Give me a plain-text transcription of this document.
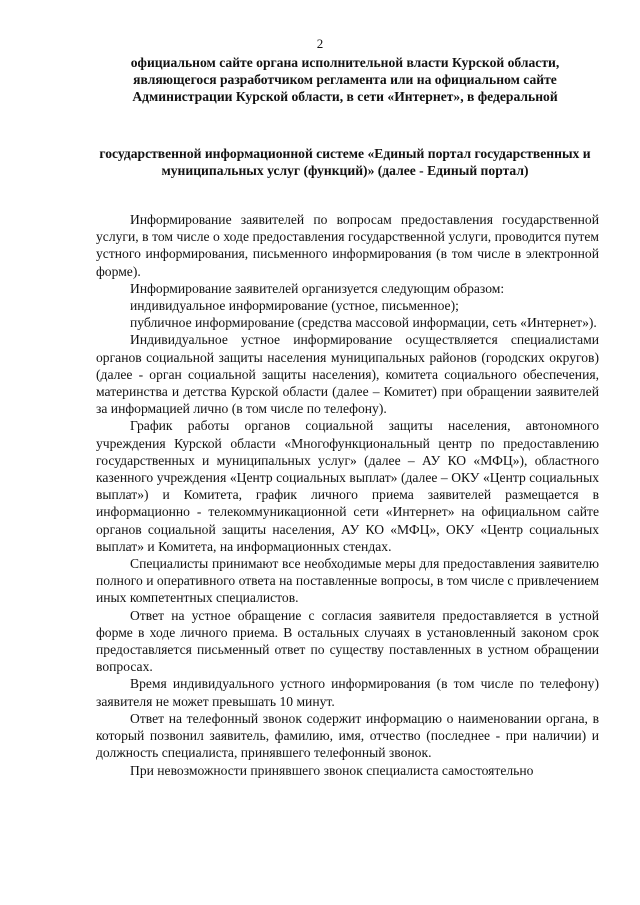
2
официальном сайте органа исполнительной власти Курской области, являющегося разработчиком регламента или на официальном сайте Администрации Курской области, в сети «Интернет», в федеральной
государственной информационной системе «Единый портал государственных и муниципальных услуг (функций)» (далее - Единый портал)

Информирование заявителей по вопросам предоставления государственной услуги, в том числе о ходе предоставления государственной услуги, проводится путем устного информирования, письменного информирования (в том числе в электронной форме).

Информирование заявителей организуется следующим образом:

индивидуальное информирование (устное, письменное);

публичное информирование (средства массовой информации, сеть «Интернет»).

Индивидуальное устное информирование осуществляется специалистами органов социальной защиты населения муниципальных районов (городских округов) (далее - орган социальной защиты населения), комитета социального обеспечения, материнства и детства Курской области (далее – Комитет) при обращении заявителей за информацией лично (в том числе по телефону).

График работы органов социальной защиты населения, автономного учреждения Курской области «Многофункциональный центр по предоставлению государственных и муниципальных услуг» (далее – АУ КО «МФЦ»), областного казенного учреждения «Центр социальных выплат» (далее – ОКУ «Центр социальных выплат») и Комитета, график личного приема заявителей размещается в информационно - телекоммуникационной сети «Интернет» на официальном сайте органов социальной защиты населения, АУ КО «МФЦ», ОКУ «Центр социальных выплат» и Комитета, на информационных стендах.

Специалисты принимают все необходимые меры для предоставления заявителю полного и оперативного ответа на поставленные вопросы, в том числе с привлечением иных компетентных специалистов.

Ответ на устное обращение с согласия заявителя предоставляется в устной форме в ходе личного приема. В остальных случаях в установленный законом срок предоставляется письменный ответ по существу поставленных в устном обращении вопросах.

Время индивидуального устного информирования (в том числе по телефону) заявителя не может превышать 10 минут.

Ответ на телефонный звонок содержит информацию о наименовании органа, в который позвонил заявитель, фамилию, имя, отчество (последнее - при наличии) и должность специалиста, принявшего телефонный звонок.

При невозможности принявшего звонок специалиста самостоятельно
